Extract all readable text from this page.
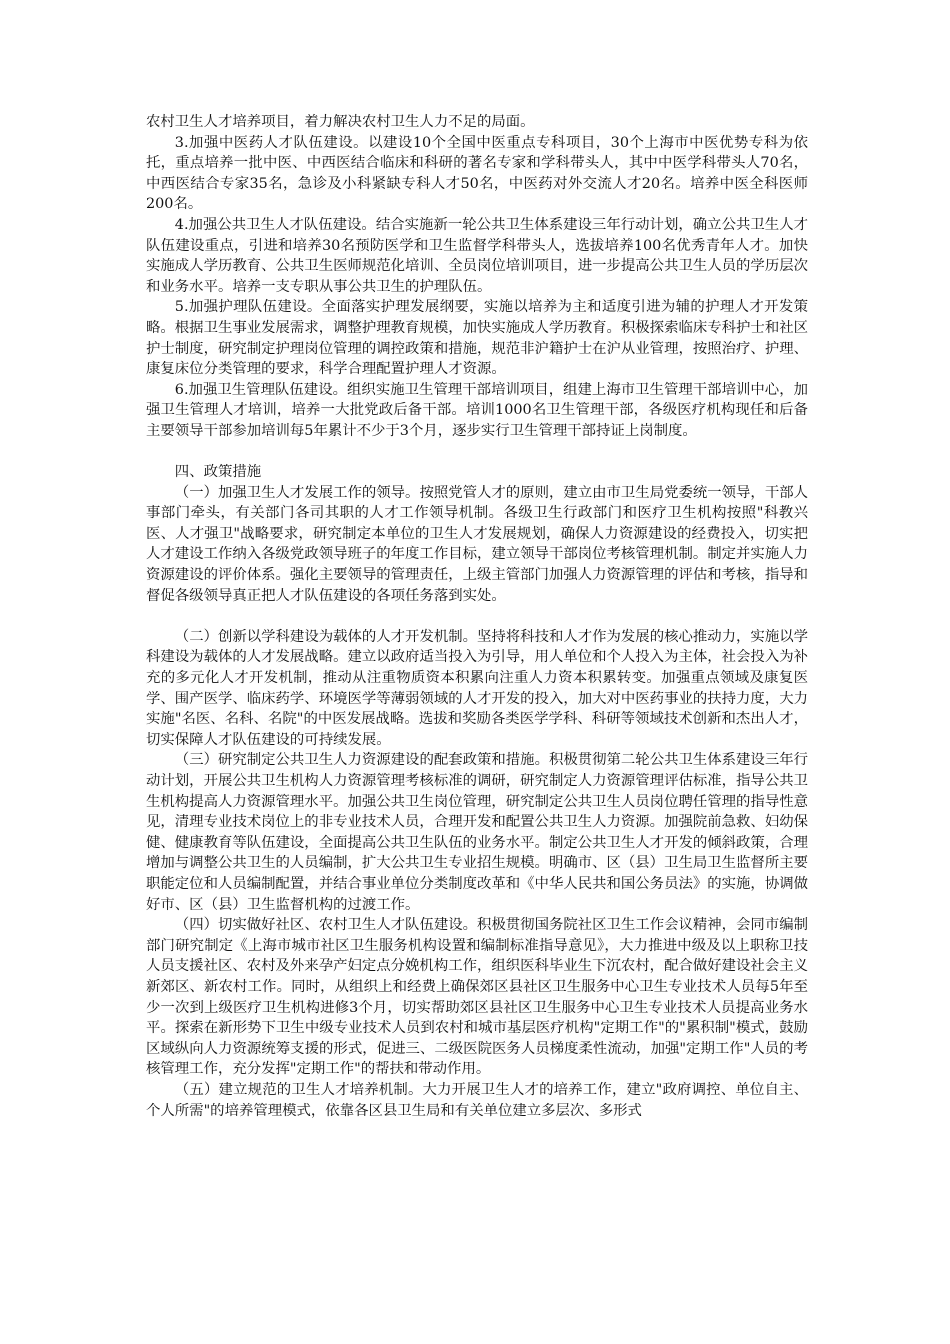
农村卫生人才培养项目，着力解决农村卫生人力不足的局面。

3.加强中医药人才队伍建设。以建设10个全国中医重点专科项目，30个上海市中医优势专科为依托，重点培养一批中医、中西医结合临床和科研的著名专家和学科带头人，其中中医学科带头人70名，中西医结合专家35名，急诊及小科紧缺专科人才50名，中医药对外交流人才20名。培养中医全科医师200名。

4.加强公共卫生人才队伍建设。结合实施新一轮公共卫生体系建设三年行动计划，确立公共卫生人才队伍建设重点，引进和培养30名预防医学和卫生监督学科带头人，选拔培养100名优秀青年人才。加快实施成人学历教育、公共卫生医师规范化培训、全员岗位培训项目，进一步提高公共卫生人员的学历层次和业务水平。培养一支专职从事公共卫生的护理队伍。

5.加强护理队伍建设。全面落实护理发展纲要，实施以培养为主和适度引进为辅的护理人才开发策略。根据卫生事业发展需求，调整护理教育规模，加快实施成人学历教育。积极探索临床专科护士和社区护士制度，研究制定护理岗位管理的调控政策和措施，规范非沪籍护士在沪从业管理，按照治疗、护理、康复床位分类管理的要求，科学合理配置护理人才资源。

6.加强卫生管理队伍建设。组织实施卫生管理干部培训项目，组建上海市卫生管理干部培训中心，加强卫生管理人才培训，培养一大批党政后备干部。培训1000名卫生管理干部，各级医疗机构现任和后备主要领导干部参加培训每5年累计不少于3个月，逐步实行卫生管理干部持证上岗制度。

四、政策措施

（一）加强卫生人才发展工作的领导。按照党管人才的原则，建立由市卫生局党委统一领导，干部人事部门牵头，有关部门各司其职的人才工作领导机制。各级卫生行政部门和医疗卫生机构按照"科教兴医、人才强卫"战略要求，研究制定本单位的卫生人才发展规划，确保人力资源建设的经费投入，切实把人才建设工作纳入各级党政领导班子的年度工作目标，建立领导干部岗位考核管理机制。制定并实施人力资源建设的评价体系。强化主要领导的管理责任，上级主管部门加强人力资源管理的评估和考核，指导和督促各级领导真正把人才队伍建设的各项任务落到实处。

（二）创新以学科建设为载体的人才开发机制。坚持将科技和人才作为发展的核心推动力，实施以学科建设为载体的人才发展战略。建立以政府适当投入为引导，用人单位和个人投入为主体，社会投入为补充的多元化人才开发机制，推动从注重物质资本积累向注重人力资本积累转变。加强重点领域及康复医学、围产医学、临床药学、环境医学等薄弱领域的人才开发的投入，加大对中医药事业的扶持力度，大力实施"名医、名科、名院"的中医发展战略。选拔和奖励各类医学学科、科研等领域技术创新和杰出人才，切实保障人才队伍建设的可持续发展。

（三）研究制定公共卫生人力资源建设的配套政策和措施。积极贯彻第二轮公共卫生体系建设三年行动计划，开展公共卫生机构人力资源管理考核标准的调研，研究制定人力资源管理评估标准，指导公共卫生机构提高人力资源管理水平。加强公共卫生岗位管理，研究制定公共卫生人员岗位聘任管理的指导性意见，清理专业技术岗位上的非专业技术人员，合理开发和配置公共卫生人力资源。加强院前急救、妇幼保健、健康教育等队伍建设，全面提高公共卫生队伍的业务水平。制定公共卫生人才开发的倾斜政策，合理增加与调整公共卫生的人员编制，扩大公共卫生专业招生规模。明确市、区（县）卫生局卫生监督所主要职能定位和人员编制配置，并结合事业单位分类制度改革和《中华人民共和国公务员法》的实施，协调做好市、区（县）卫生监督机构的过渡工作。

（四）切实做好社区、农村卫生人才队伍建设。积极贯彻国务院社区卫生工作会议精神，会同市编制部门研究制定《上海市城市社区卫生服务机构设置和编制标准指导意见》，大力推进中级及以上职称卫技人员支援社区、农村及外来孕产妇定点分娩机构工作，组织医科毕业生下沉农村，配合做好建设社会主义新郊区、新农村工作。同时，从组织上和经费上确保郊区县社区卫生服务中心卫生专业技术人员每5年至少一次到上级医疗卫生机构进修3个月，切实帮助郊区县社区卫生服务中心卫生专业技术人员提高业务水平。探索在新形势下卫生中级专业技术人员到农村和城市基层医疗机构"定期工作"的"累积制"模式，鼓励区域纵向人力资源统筹支援的形式，促进三、二级医院医务人员梯度柔性流动，加强"定期工作"人员的考核管理工作，充分发挥"定期工作"的帮扶和带动作用。

（五）建立规范的卫生人才培养机制。大力开展卫生人才的培养工作，建立"政府调控、单位自主、个人所需"的培养管理模式，依靠各区县卫生局和有关单位建立多层次、多形式
